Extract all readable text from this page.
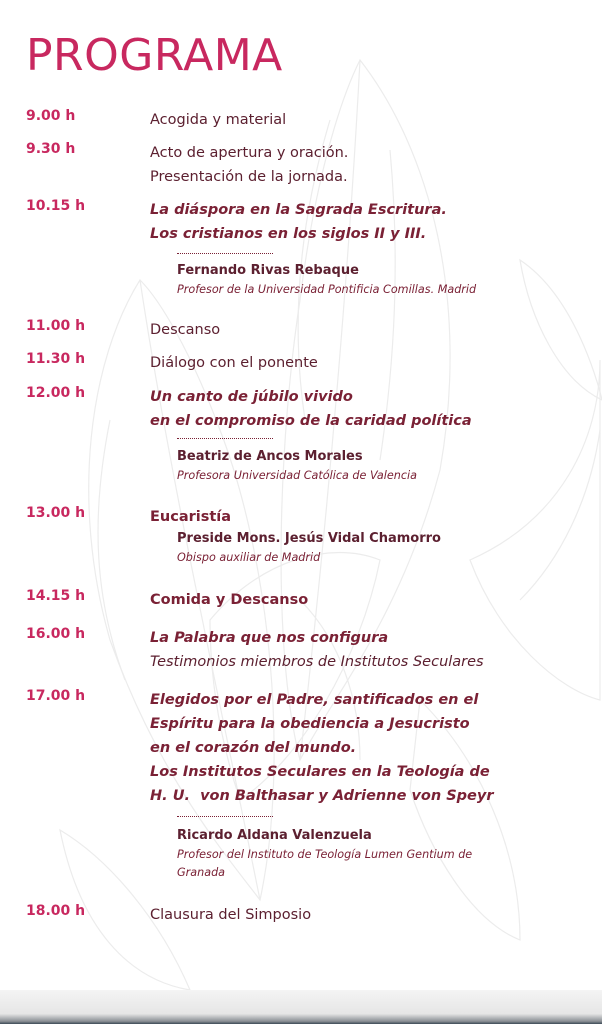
PROGRAMA
9.00 h	Acogida y material
9.30 h	Acto de apertura y oración.
Presentación de la jornada.
10.15 h	La diáspora en la Sagrada Escritura.
Los cristianos en los siglos II y III.
Fernando Rivas Rebaque
Profesor de la Universidad Pontificia Comillas. Madrid
11.00 h	Descanso
11.30 h	Diálogo con el ponente
12.00 h	Un canto de júbilo vivido
en el compromiso de la caridad política
Beatriz de Ancos Morales
Profesora Universidad Católica de Valencia
13.00 h	Eucaristía
Preside Mons. Jesús Vidal Chamorro
Obispo auxiliar de Madrid
14.15 h	Comida y Descanso
16.00 h	La Palabra que nos configura
Testimonios miembros de Institutos Seculares
17.00 h	Elegidos por el Padre, santificados en el
Espíritu para la obediencia a Jesucristo
en el corazón del mundo.
Los Institutos Seculares en la Teología de
H. U.  von Balthasar y Adrienne von Speyr
Ricardo Aldana Valenzuela
Profesor del Instituto de Teología Lumen Gentium de
Granada
18.00 h	Clausura del Simposio
